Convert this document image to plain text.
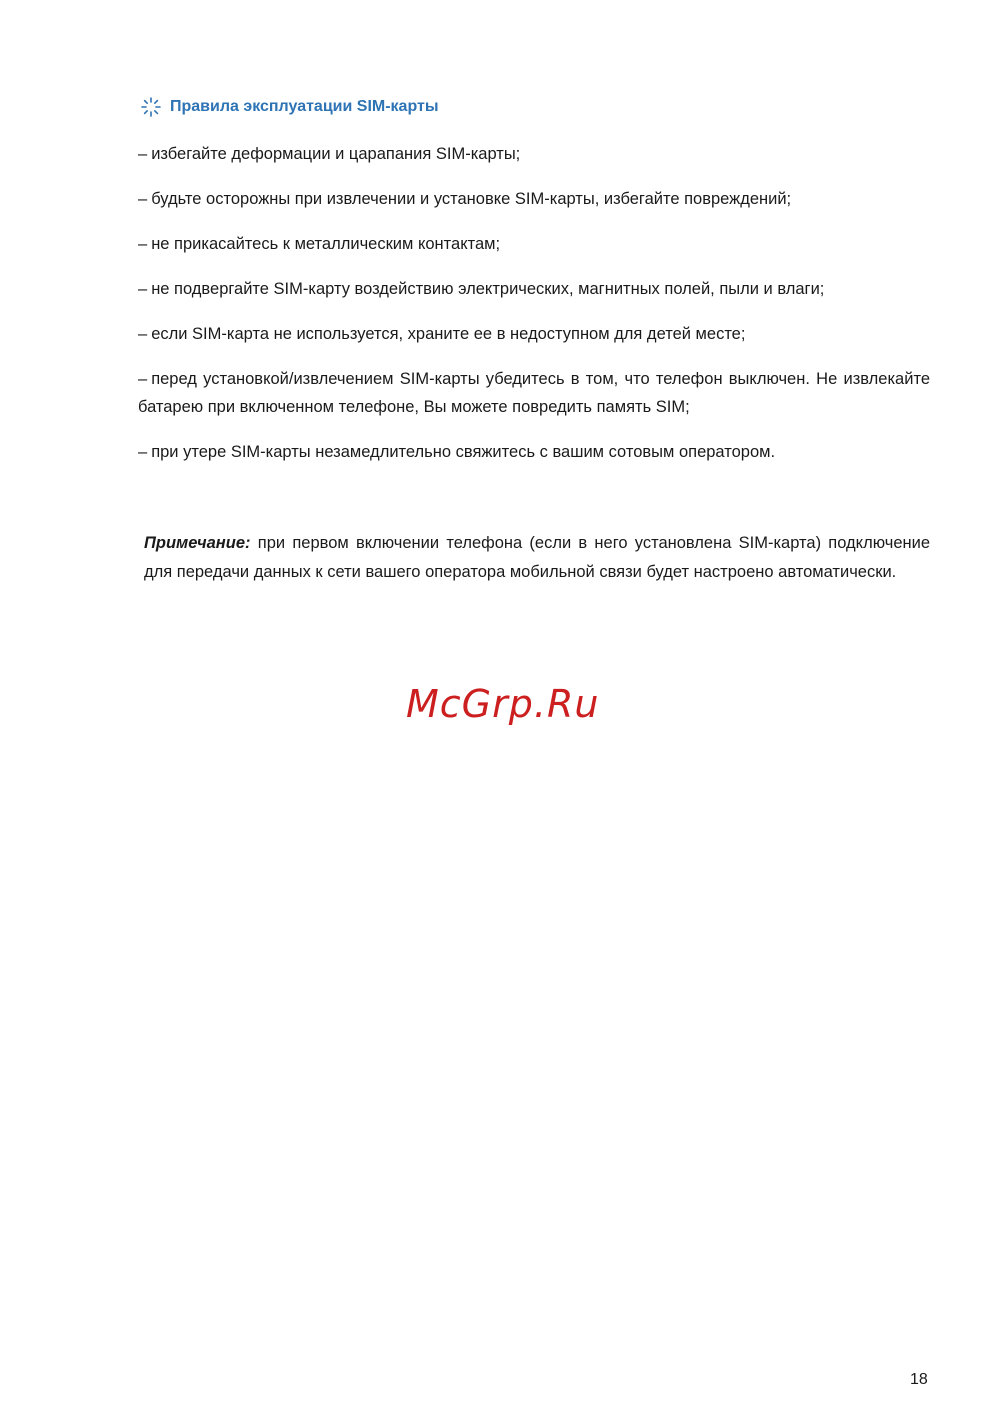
Правила эксплуатации SIM-карты
– избегайте деформации и царапания SIM-карты;
– будьте осторожны при извлечении и установке SIM-карты, избегайте повреждений;
– не прикасайтесь к металлическим контактам;
– не подвергайте SIM-карту воздействию электрических, магнитных полей, пыли и влаги;
– если SIM-карта не используется, храните ее в недоступном для детей месте;
– перед установкой/извлечением SIM-карты убедитесь в том, что телефон выключен. Не извлекайте батарею при включенном телефоне, Вы можете повредить память SIM;
– при утере SIM-карты незамедлительно свяжитесь с вашим сотовым оператором.

Примечание: при первом включении телефона (если в него установлена SIM-карта) подключение для передачи данных к сети вашего оператора мобильной связи будет настроено автоматически.

McGrp.Ru
18
